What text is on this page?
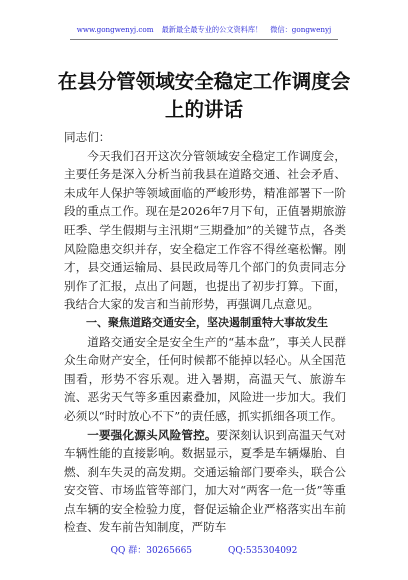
www.gongwenyj.com 最新最全最专业的公文资料库！ 微信：gongwenyj
在县分管领域安全稳定工作调度会上的讲话

同志们：

今天我们召开这次分管领域安全稳定工作调度会，主要任务是深入分析当前我县在道路交通、社会矛盾、未成年人保护等领域面临的严峻形势，精准部署下一阶段的重点工作。现在是2026年7月下旬，正值暑期旅游旺季、学生假期与主汛期“三期叠加”的关键节点，各类风险隐患交织并存，安全稳定工作容不得丝毫松懈。刚才，县交通运输局、县民政局等几个部门的负责同志分别作了汇报，点出了问题，也提出了初步打算。下面，我结合大家的发言和当前形势，再强调几点意见。

一、聚焦道路交通安全，坚决遏制重特大事故发生

道路交通安全是安全生产的“基本盘”，事关人民群众生命财产安全，任何时候都不能掉以轻心。从全国范围看，形势不容乐观。进入暑期，高温天气、旅游车流、恶劣天气等多重因素叠加，风险进一步加大。我们必须以“时时放心不下”的责任感，抓实抓细各项工作。

一要强化源头风险管控。要深刻认识到高温天气对车辆性能的直接影响。数据显示，夏季是车辆爆胎、自燃、刹车失灵的高发期。交通运输部门要牵头，联合公安交管、市场监管等部门，加大对“两客一危一货”等重点车辆的安全检验力度，督促运输企业严格落实出车前检查、发车前告知制度，严防车

QQ 群：30265665	QQ:535304092
